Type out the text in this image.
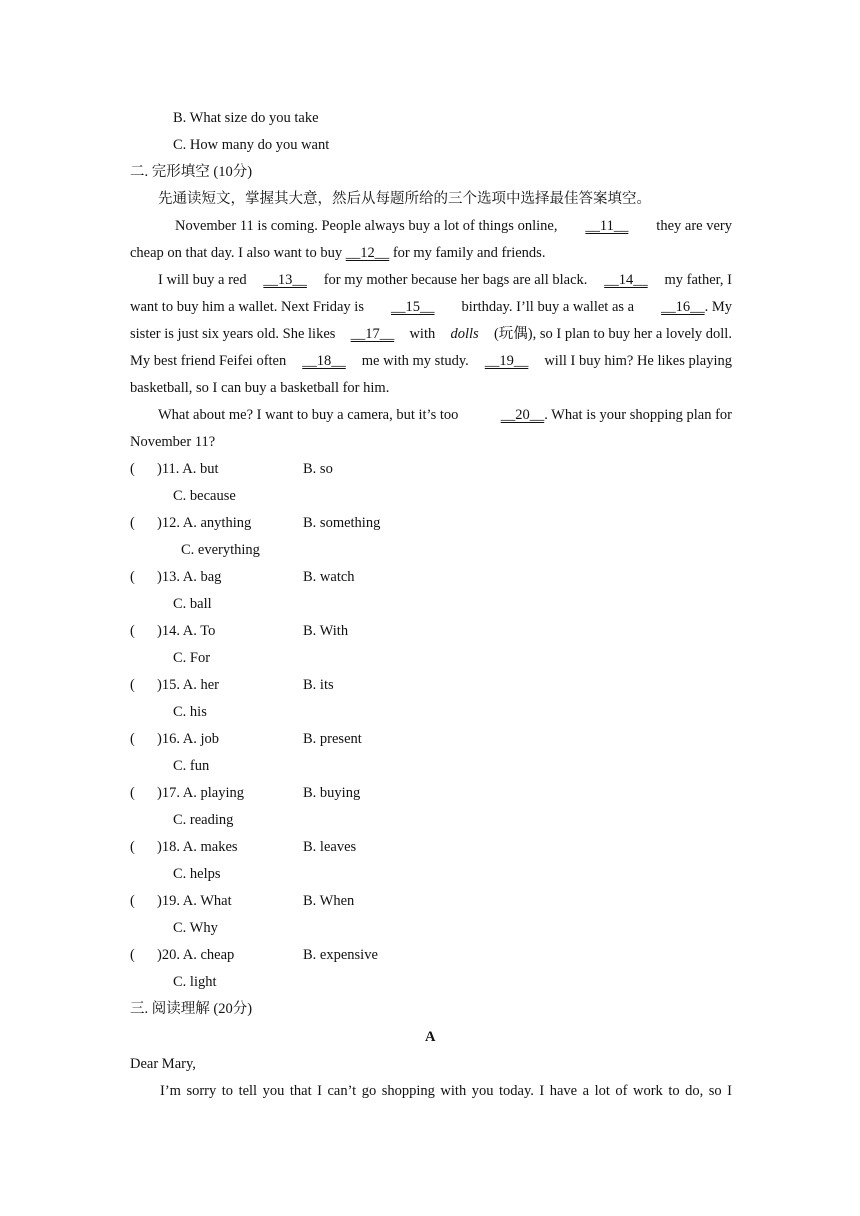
B. What size do you take
C. How many do you want
二. 完形填空 (10分)
先通读短文，掌握其大意，然后从每题所给的三个选项中选择最佳答案填空。
November 11 is coming. People always buy a lot of things online, __11__ they are very
cheap on that day. I also want to buy __12__ for my family and friends.
I will buy a red __13__ for my mother because her bags are all black. __14__ my father, I
want to buy him a wallet. Next Friday is __15__ birthday. I’ll buy a wallet as a __16__. My
sister is just six years old. She likes __17__ with dolls (玩偶), so I plan to buy her a lovely doll.
My best friend Feifei often __18__ me with my study. __19__ will I buy him? He likes playing
basketball, so I can buy a basketball for him.
What about me? I want to buy a camera, but it’s too	__20__. What is your shopping plan for
November 11?
( )11. A. but	B. so
C. because
( )12. A. anything	B. something
C. everything
( )13. A. bag	B. watch
C. ball
( )14. A. To	B. With
C. For
( )15. A. her	B. its
C. his
( )16. A. job	B. present
C. fun
( )17. A. playing	B. buying
C. reading
( )18. A. makes	B. leaves
C. helps
( )19. A. What	B. When
C. Why
( )20. A. cheap	B. expensive
C. light
三. 阅读理解 (20分)
A
Dear Mary,
I’m sorry to tell you that I can’t go shopping with you today. I have a lot of work to do, so I
